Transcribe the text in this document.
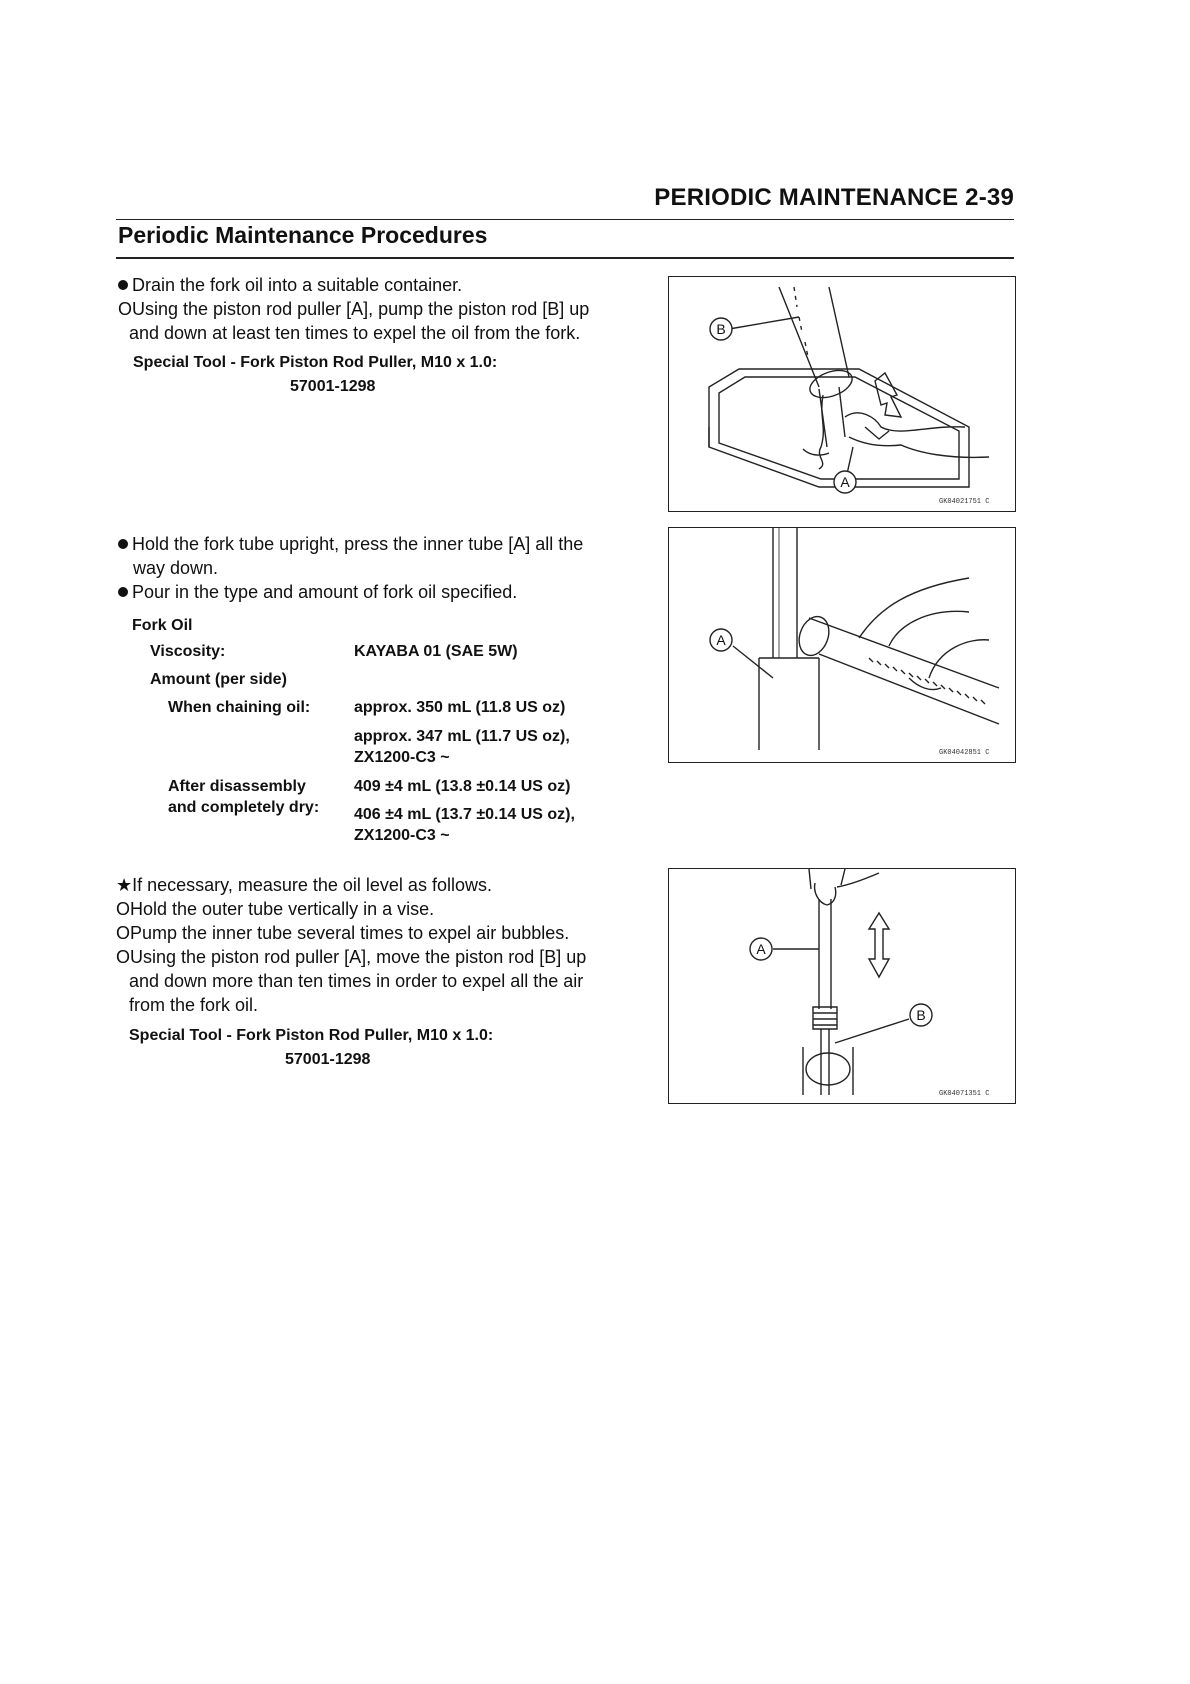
PERIODIC MAINTENANCE 2-39
Periodic Maintenance Procedures
Drain the fork oil into a suitable container.
OUsing the piston rod puller [A], pump the piston rod [B] up
and down at least ten times to expel the oil from the fork.
Special Tool - Fork Piston Rod Puller, M10 x 1.0:
57001-1298
B
A
GK04021751 C
Hold the fork tube upright, press the inner tube [A] all the
way down.
Pour in the type and amount of fork oil specified.
Fork Oil
Viscosity:	KAYABA 01 (SAE 5W)
Amount (per side)
When chaining oil:	approx. 350 mL (11.8 US oz)
approx. 347 mL (11.7 US oz),
ZX1200-C3 ~
After disassembly
and completely dry:
409 ±4 mL (13.8 ±0.14 US oz)
406 ±4 mL (13.7 ±0.14 US oz),
ZX1200-C3 ~
A
GK04042851 C
★If necessary, measure the oil level as follows.
OHold the outer tube vertically in a vise.
OPump the inner tube several times to expel air bubbles.
OUsing the piston rod puller [A], move the piston rod [B] up
and down more than ten times in order to expel all the air
from the fork oil.
Special Tool - Fork Piston Rod Puller, M10 x 1.0:
57001-1298
A
B
GK04071351 C
